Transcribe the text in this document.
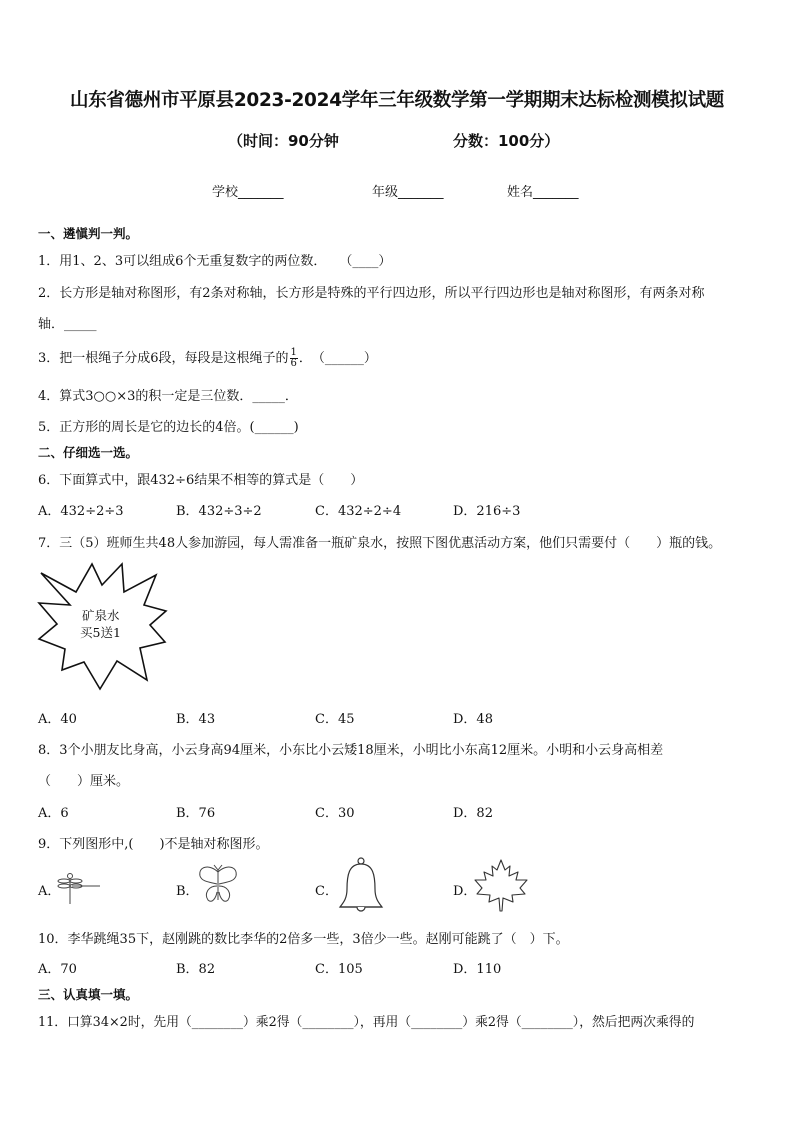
山东省德州市平原县2023-2024学年三年级数学第一学期期末达标检测模拟试题
（时间：90分钟	分数：100分）
学校_______	年级_______	姓名_______
一、遴愼判一判。
1．用1、2、3可以组成6个无重复数字的两位数．　　（____）
2．长方形是轴对称图形，有2条对称轴，长方形是特殊的平行四边形，所以平行四边形也是轴对称图形，有两条对称
轴．_____
3．把一根绳子分成6段，每段是这根绳子的 $\frac{1}{6}$ ．　（______）
4．算式3○○×3的积一定是三位数．_____．
5．正方形的周长是它的边长的4倍。(______)
二、仔细选一选。
6．下面算式中，跟432÷6结果不相等的算式是（　　）
A．432÷2÷3	B．432÷3÷2	C．432÷2÷4	D．216÷3
7．三（5）班师生共48人参加游园，每人需准备一瓶矿泉水，按照下图优惠活动方案，他们只需要付（　　）瓶的钱。
矿泉水
买5送1
A．40	B．43	C．45	D．48
8．3个小朋友比身高，小云身高94厘米，小东比小云矮18厘米，小明比小东高12厘米。小明和小云身高相差
（　　）厘米。
A．6	B．76	C．30	D．82
9．下列图形中,(　　)不是轴对称图形。
A．	B．	C．	D．
10．李华跳绳35下，赵刚跳的数比李华的2倍多一些，3倍少一些。赵刚可能跳了（　）下。
A．70	B．82	C．105	D．110
三、认真填一填。
11．口算34×2时，先用（________）乘2得（________），再用（________）乘2得（________），然后把两次乘得的
